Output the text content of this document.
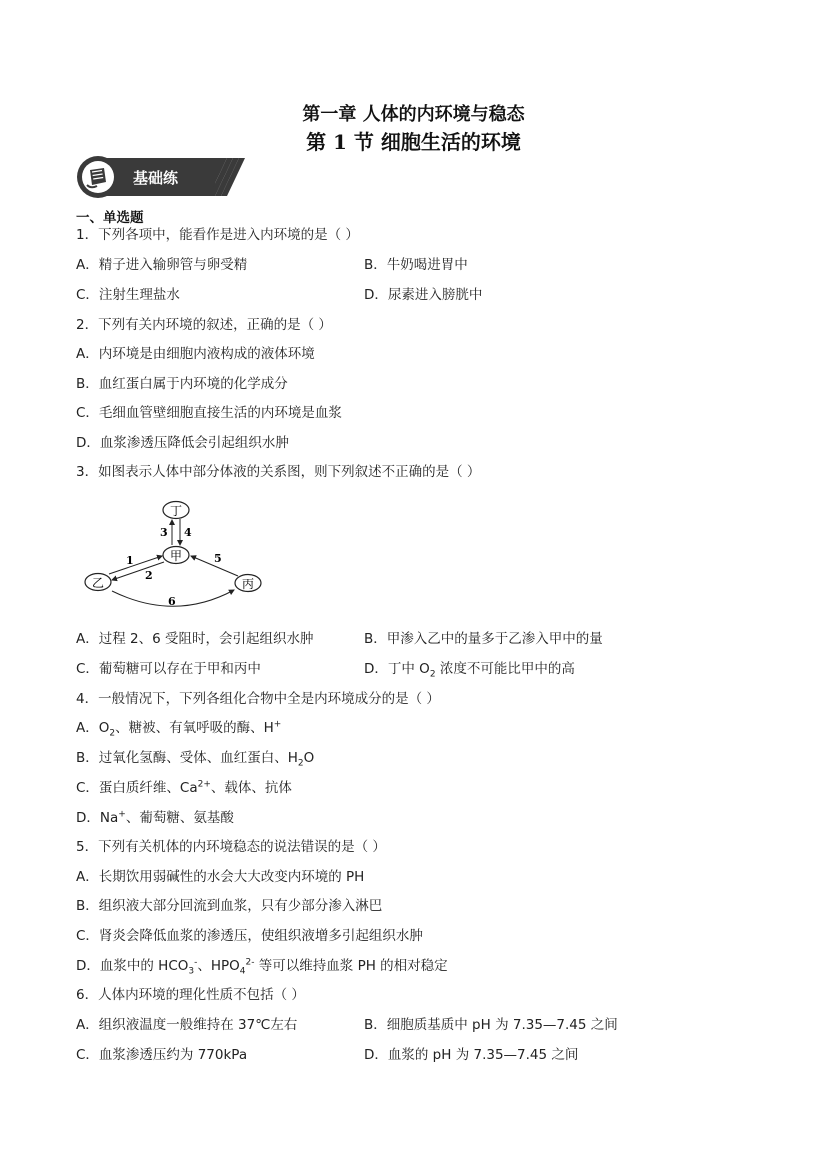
第一章 人体的内环境与稳态
第 1 节 细胞生活的环境
基础练
一、单选题
1．下列各项中，能看作是进入内环境的是（ ）
A．精子进入输卵管与卵受精	B．牛奶喝进胃中
C．注射生理盐水	D．尿素进入膀胱中
2．下列有关内环境的叙述，正确的是（ ）
A．内环境是由细胞内液构成的液体环境
B．血红蛋白属于内环境的化学成分
C．毛细血管壁细胞直接生活的内环境是血浆
D．血浆渗透压降低会引起组织水肿
3．如图表示人体中部分体液的关系图，则下列叙述不正确的是（ ）
丁
甲
乙	丙
3 4
1
2
5
6
A．过程 2、6 受阻时，会引起组织水肿	B．甲渗入乙中的量多于乙渗入甲中的量
C．葡萄糖可以存在于甲和丙中	D．丁中 $O_2$ 浓度不可能比甲中的高
4．一般情况下，下列各组化合物中全是内环境成分的是（ ）
A．$O_2$、糖被、有氧呼吸的酶、H+
B．过氧化氢酶、受体、血红蛋白、$H_2O$
C．蛋白质纤维、$Ca^{2+}$、载体、抗体
D．Na+、葡萄糖、氨基酸
5．下列有关机体的内环境稳态的说法错误的是（ ）
A．长期饮用弱碱性的水会大大改变内环境的 PH
B．组织液大部分回流到血浆，只有少部分渗入淋巴
C．肾炎会降低血浆的渗透压，使组织液增多引起组织水肿
D．血浆中的 $HCO_3^-$、$HPO_4^{2-}$ 等可以维持血浆 PH 的相对稳定
6．人体内环境的理化性质不包括（ ）
A．组织液温度一般维持在 37℃左右	B．细胞质基质中 pH 为 7.35—7.45 之间
C．血浆渗透压约为 770kPa	D．血浆的 pH 为 7.35—7.45 之间
